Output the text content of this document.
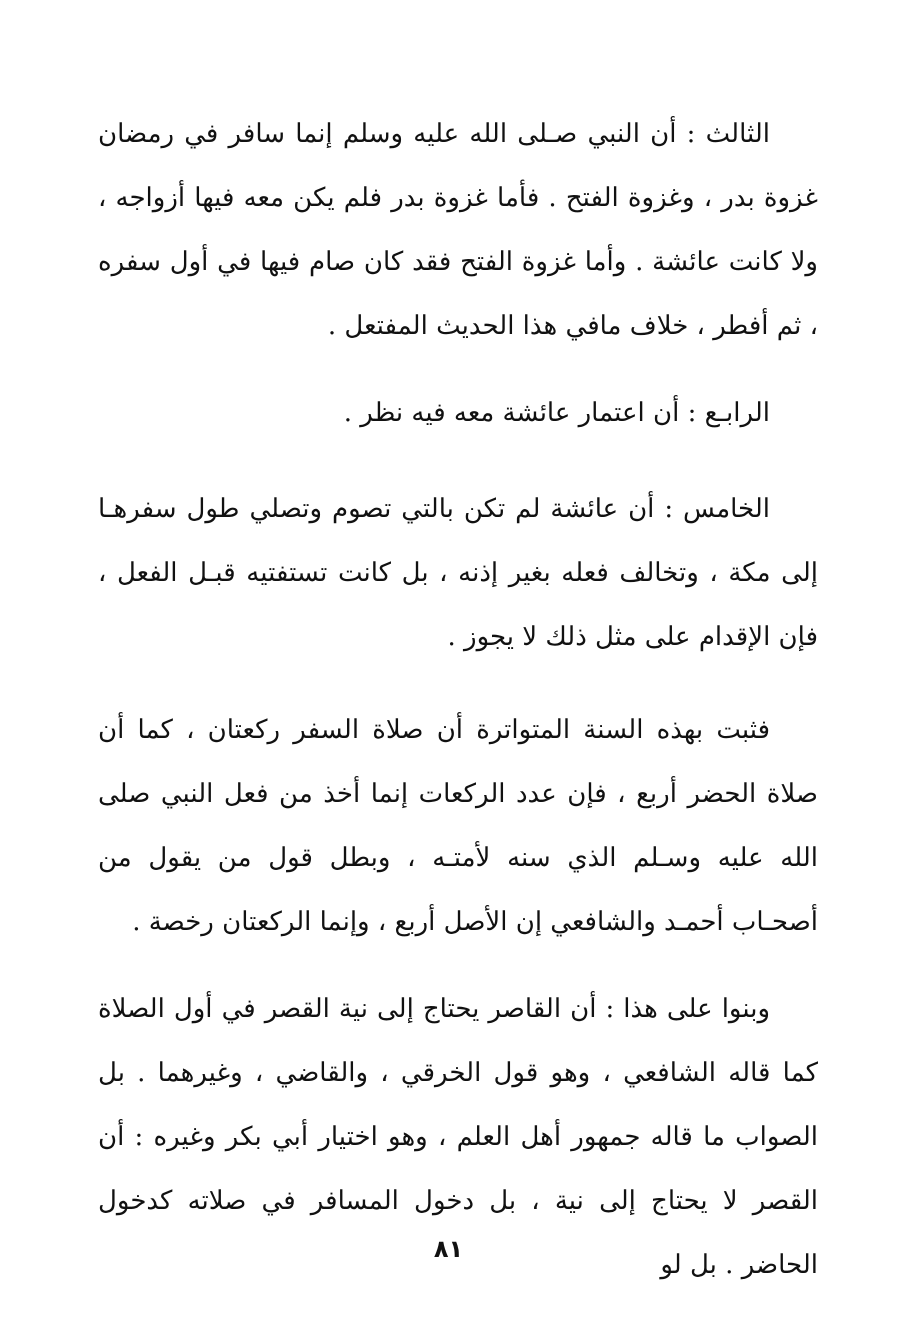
الثالث : أن النبي صـلى الله عليه وسلم إنما سافر في رمضان غزوة بدر ، وغزوة الفتح . فأما غزوة بدر فلم يكن معه فيها أزواجه ، ولا كانت عائشة . وأما غزوة الفتح فقد كان صام فيها في أول سفره ، ثم أفطر ، خلاف مافي هذا الحديث المفتعل .

الرابـع : أن اعتمار عائشة معه فيه نظر .

الخامس : أن عائشة لم تكن بالتي تصوم وتصلي طول سفرهـا إلى مكة ، وتخالف فعله بغير إذنه ، بل كانت تستفتيه قبـل الفعل ، فإن الإقدام على مثل ذلك لا يجوز .

فثبت بهذه السنة المتواترة أن صلاة السفر ركعتان ، كما أن صلاة الحضر أربع ، فإن عدد الركعات إنما أخذ من فعل النبي صلى الله عليه وسـلم الذي سنه لأمتـه ، وبطل قول من يقول من أصحـاب أحمـد والشافعي إن الأصل أربع ، وإنما الركعتان رخصة .

وبنوا على هذا : أن القاصر يحتاج إلى نية القصر في أول الصلاة كما قاله الشافعي ، وهو قول الخرقي ، والقاضي ، وغيرهما . بل الصواب ما قاله جمهور أهل العلم ، وهو اختيار أبي بكر وغيره : أن القصر لا يحتاج إلى نية ، بل دخول المسافر في صلاته كدخول الحاضر . بل لو

٨١
